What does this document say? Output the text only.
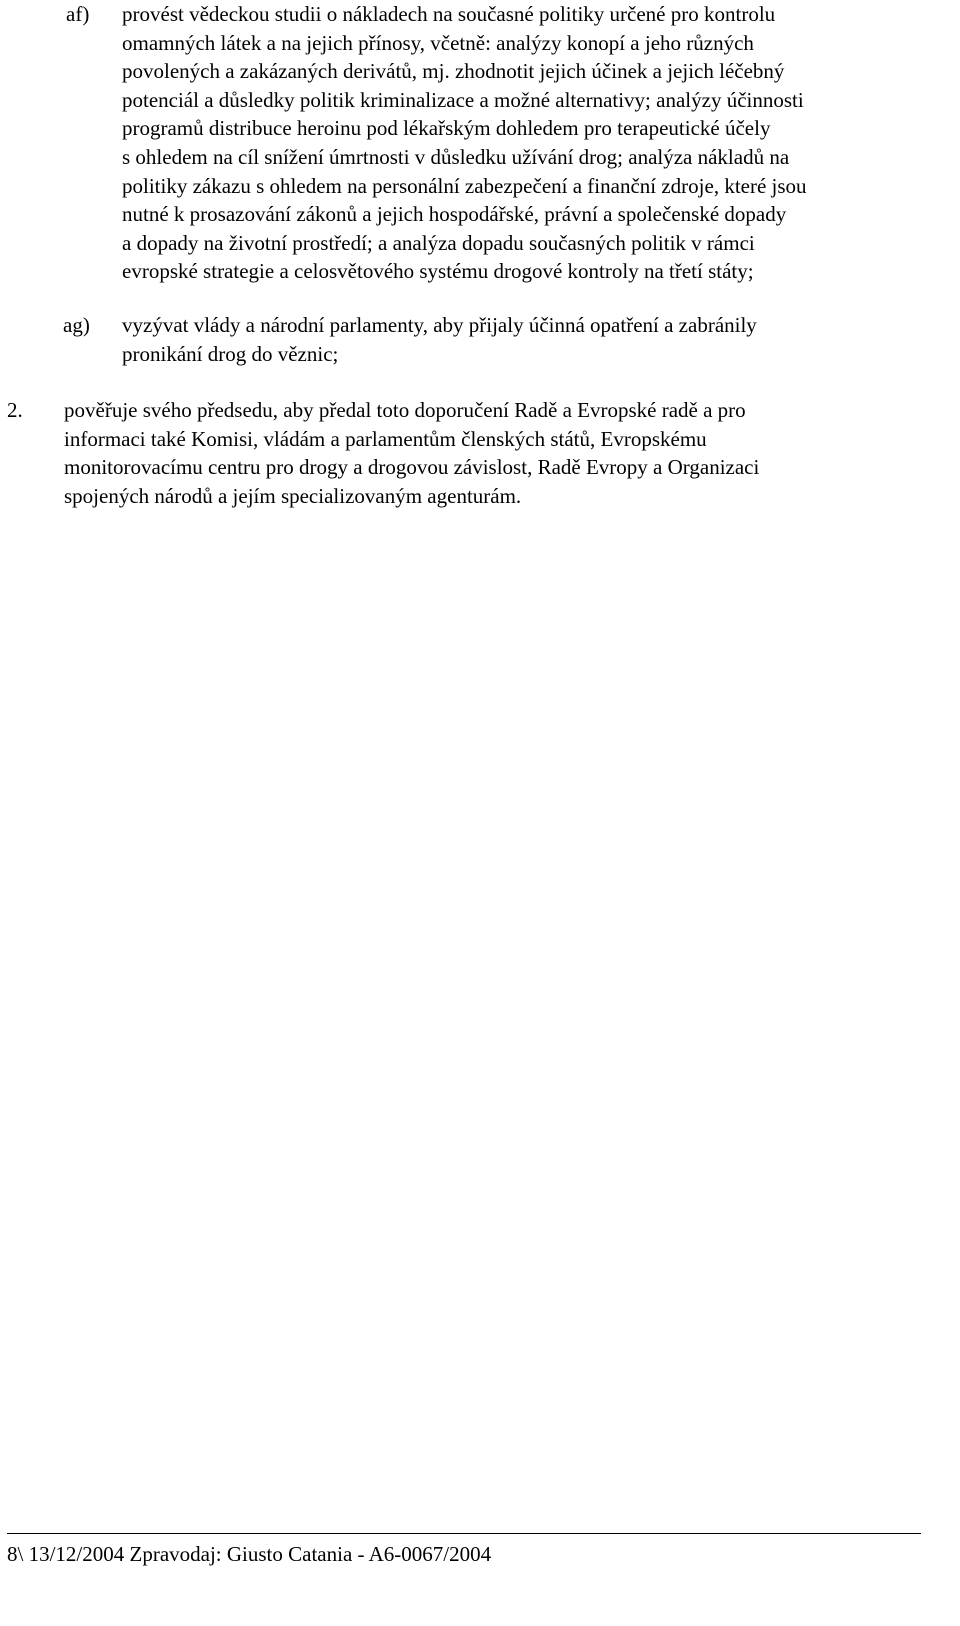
af) provést vědeckou studii o nákladech na současné politiky určené pro kontrolu
omamných látek a na jejich přínosy, včetně: analýzy konopí a jeho různých
povolených a zakázaných derivátů, mj. zhodnotit jejich účinek a jejich léčebný
potenciál a důsledky politik kriminalizace a možné alternativy; analýzy účinnosti
programů distribuce heroinu pod lékařským dohledem pro terapeutické účely
s ohledem na cíl snížení úmrtnosti v důsledku užívání drog; analýza nákladů na
politiky zákazu s ohledem na personální zabezpečení a finanční zdroje, které jsou
nutné k prosazování zákonů a jejich hospodářské, právní a společenské dopady
a dopady na životní prostředí; a analýza dopadu současných politik v rámci
evropské strategie a celosvětového systému drogové kontroly na třetí státy;
ag) vyzývat vlády a národní parlamenty, aby přijaly účinná opatření a zabránily
pronikání drog do věznic;
2. pověřuje svého předsedu, aby předal toto doporučení Radě a Evropské radě a pro
informaci také Komisi, vládám a parlamentům členských států, Evropskému
monitorovacímu centru pro drogy a drogovou závislost, Radě Evropy a Organizaci
spojených národů a jejím specializovaným agenturám.
8\ 13/12/2004 Zpravodaj: Giusto Catania - A6-0067/2004
